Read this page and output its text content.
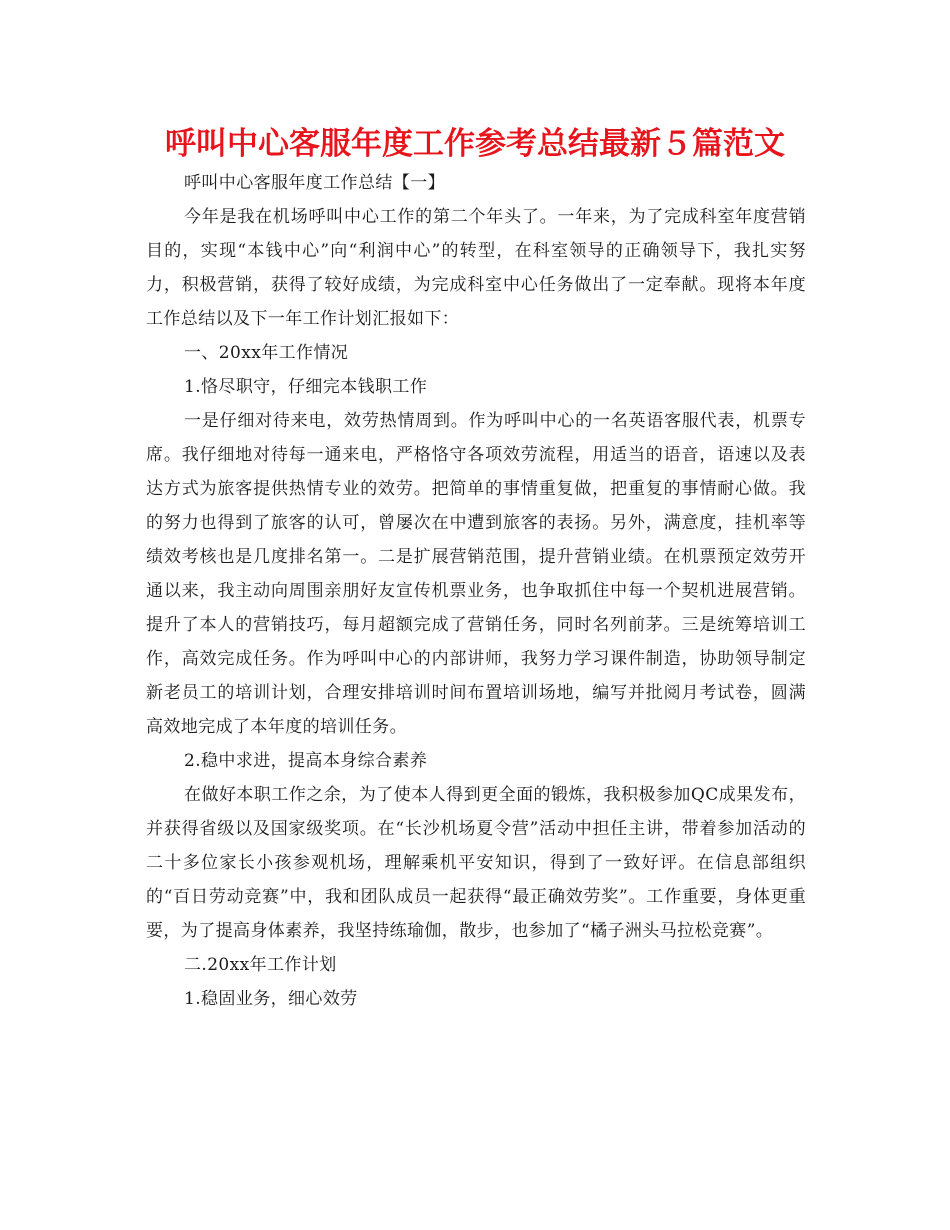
呼叫中心客服年度工作参考总结最新５篇范文

呼叫中心客服年度工作总结【一】

今年是我在机场呼叫中心工作的第二个年头了。一年来，为了完成科室年度营销目的，实现“本钱中心”向“利润中心”的转型，在科室领导的正确领导下，我扎实努力，积极营销，获得了较好成绩，为完成科室中心任务做出了一定奉献。现将本年度工作总结以及下一年工作计划汇报如下：

一、20xx年工作情况

1.恪尽职守，仔细完本钱职工作

一是仔细对待来电，效劳热情周到。作为呼叫中心的一名英语客服代表，机票专席。我仔细地对待每一通来电，严格恪守各项效劳流程，用适当的语音，语速以及表达方式为旅客提供热情专业的效劳。把简单的事情重复做，把重复的事情耐心做。我的努力也得到了旅客的认可，曾屡次在中遭到旅客的表扬。另外，满意度，挂机率等绩效考核也是几度排名第一。二是扩展营销范围，提升营销业绩。在机票预定效劳开通以来，我主动向周围亲朋好友宣传机票业务，也争取抓住中每一个契机进展营销。提升了本人的营销技巧，每月超额完成了营销任务，同时名列前茅。三是统筹培训工作，高效完成任务。作为呼叫中心的内部讲师，我努力学习课件制造，协助领导制定新老员工的培训计划，合理安排培训时间布置培训场地，编写并批阅月考试卷，圆满高效地完成了本年度的培训任务。

2.稳中求进，提高本身综合素养

在做好本职工作之余，为了使本人得到更全面的锻炼，我积极参加QC成果发布，并获得省级以及国家级奖项。在“长沙机场夏令营”活动中担任主讲，带着参加活动的二十多位家长小孩参观机场，理解乘机平安知识，得到了一致好评。在信息部组织的“百日劳动竞赛”中，我和团队成员一起获得“最正确效劳奖”。工作重要，身体更重要，为了提高身体素养，我坚持练瑜伽，散步，也参加了“橘子洲头马拉松竞赛”。

二.20xx年工作计划

1.稳固业务，细心效劳
